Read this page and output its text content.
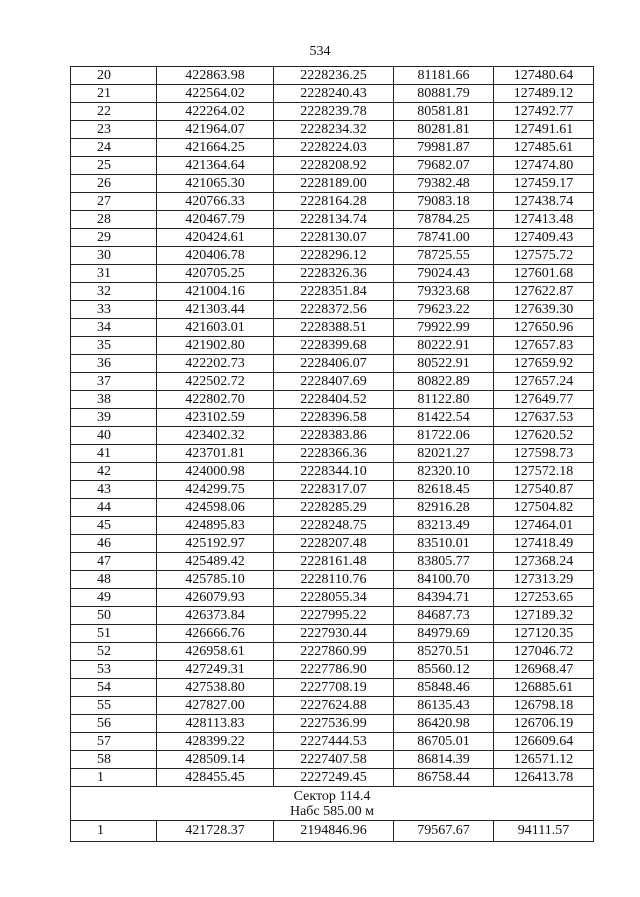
534
20	422863.98	2228236.25	81181.66	127480.64
21	422564.02	2228240.43	80881.79	127489.12
22	422264.02	2228239.78	80581.81	127492.77
23	421964.07	2228234.32	80281.81	127491.61
24	421664.25	2228224.03	79981.87	127485.61
25	421364.64	2228208.92	79682.07	127474.80
26	421065.30	2228189.00	79382.48	127459.17
27	420766.33	2228164.28	79083.18	127438.74
28	420467.79	2228134.74	78784.25	127413.48
29	420424.61	2228130.07	78741.00	127409.43
30	420406.78	2228296.12	78725.55	127575.72
31	420705.25	2228326.36	79024.43	127601.68
32	421004.16	2228351.84	79323.68	127622.87
33	421303.44	2228372.56	79623.22	127639.30
34	421603.01	2228388.51	79922.99	127650.96
35	421902.80	2228399.68	80222.91	127657.83
36	422202.73	2228406.07	80522.91	127659.92
37	422502.72	2228407.69	80822.89	127657.24
38	422802.70	2228404.52	81122.80	127649.77
39	423102.59	2228396.58	81422.54	127637.53
40	423402.32	2228383.86	81722.06	127620.52
41	423701.81	2228366.36	82021.27	127598.73
42	424000.98	2228344.10	82320.10	127572.18
43	424299.75	2228317.07	82618.45	127540.87
44	424598.06	2228285.29	82916.28	127504.82
45	424895.83	2228248.75	83213.49	127464.01
46	425192.97	2228207.48	83510.01	127418.49
47	425489.42	2228161.48	83805.77	127368.24
48	425785.10	2228110.76	84100.70	127313.29
49	426079.93	2228055.34	84394.71	127253.65
50	426373.84	2227995.22	84687.73	127189.32
51	426666.76	2227930.44	84979.69	127120.35
52	426958.61	2227860.99	85270.51	127046.72
53	427249.31	2227786.90	85560.12	126968.47
54	427538.80	2227708.19	85848.46	126885.61
55	427827.00	2227624.88	86135.43	126798.18
56	428113.83	2227536.99	86420.98	126706.19
57	428399.22	2227444.53	86705.01	126609.64
58	428509.14	2227407.58	86814.39	126571.12
1	428455.45	2227249.45	86758.44	126413.78

Сектор 114.4
Набс 585.00 м				

1	421728.37	2194846.96	79567.67	94111.57
